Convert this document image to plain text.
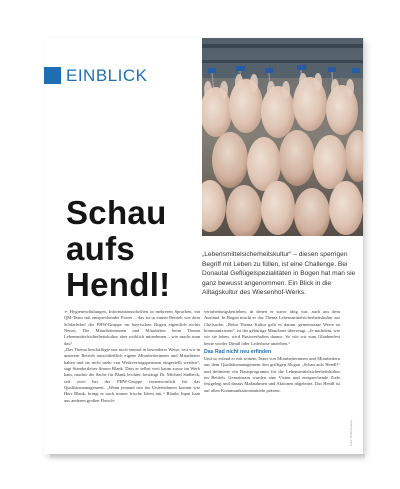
EINBLICK
Schau
aufs
Hendl!

„Lebensmittelsicherheitskultur“ – diesen sperrigen Begriff mit Leben zu füllen, ist eine Challenge. Bei Donautal Geflügelspezialitäten in Bogen hat man sie ganz bewusst angenommen. Ein Blick in die Alltagskultur des Wiesenhof-Werks.

➢ Hygieneschulungen, Informationsschriften in mehreren Sprachen, ein QM-Team mit entsprechender Power – das ist in einem Betrieb wie dem Schlachthof der PHW-Gruppe im bayrischen Bogen eigentlich nichts Neues. Die Mitarbeiterinnen und Mitarbeiter beim Thema Lebensmittelsicherheitskultur aber wirklich mitnehmen – wie macht man das?

„Das Thema beschäftigte uns noch einmal in besonderer Weise, seit wir in unserem Betrieb ausschließlich eigene Mitarbeiterinnen und Mitarbeiter haben und sie nicht mehr von Werkvertragspartnern eingestellt werden“, sagt Standortleiter Simon Blank. Dass er selbst weit kaum zuvor im Werk kam, machte die Sache für Blank leichter, bestätigt Dr. Michael Südbeck, seit zwei bei der PHW-Gruppe verantwortlich für das Qualitätsmanagement. „Wenn jemand neu ins Unternehmen kommt wie Herr Blank, bringt er auch immer frische Ideen mit.“ Blanks Input kam aus anderen großen Fleisch-

verarbeitungsbetrieben, in denen er zuvor tätig war, auch aus dem Ausland. In Bogen macht er das Thema Lebensmittelsicherheitskultur zur Chefsache. „Beim Thema Kultur geht es darum, gemeinsame Werte zu kommunizieren“, ist der gebürtige Münchner überzeugt. „Je nachdem, wie wir sie leben, wird Basisverhalten daraus. So wie wir zum Glaubenfest heute wieder Dirndl oder Lederhose anziehen.“

Das Rad nicht neu erfinden

Und so erfand er mit seinem Team von Mitarbeiterinnen und Mitarbeitern aus dem Qualitätsmanagement den griffigen Slogan „Schau aufs Hendl!“ und definierte ein Basisprogramm für die Lebensmittelsicherheitskultur im Betrieb. Gemeinsam wurden eine Vision und entsprechende Ziele festgelegt und daraus Maßnahmen und Aktionen abgeleitet. Das Hendl ist auf allen Kommunikationsmitteln präsent.

Foto: PHW-Gruppe
